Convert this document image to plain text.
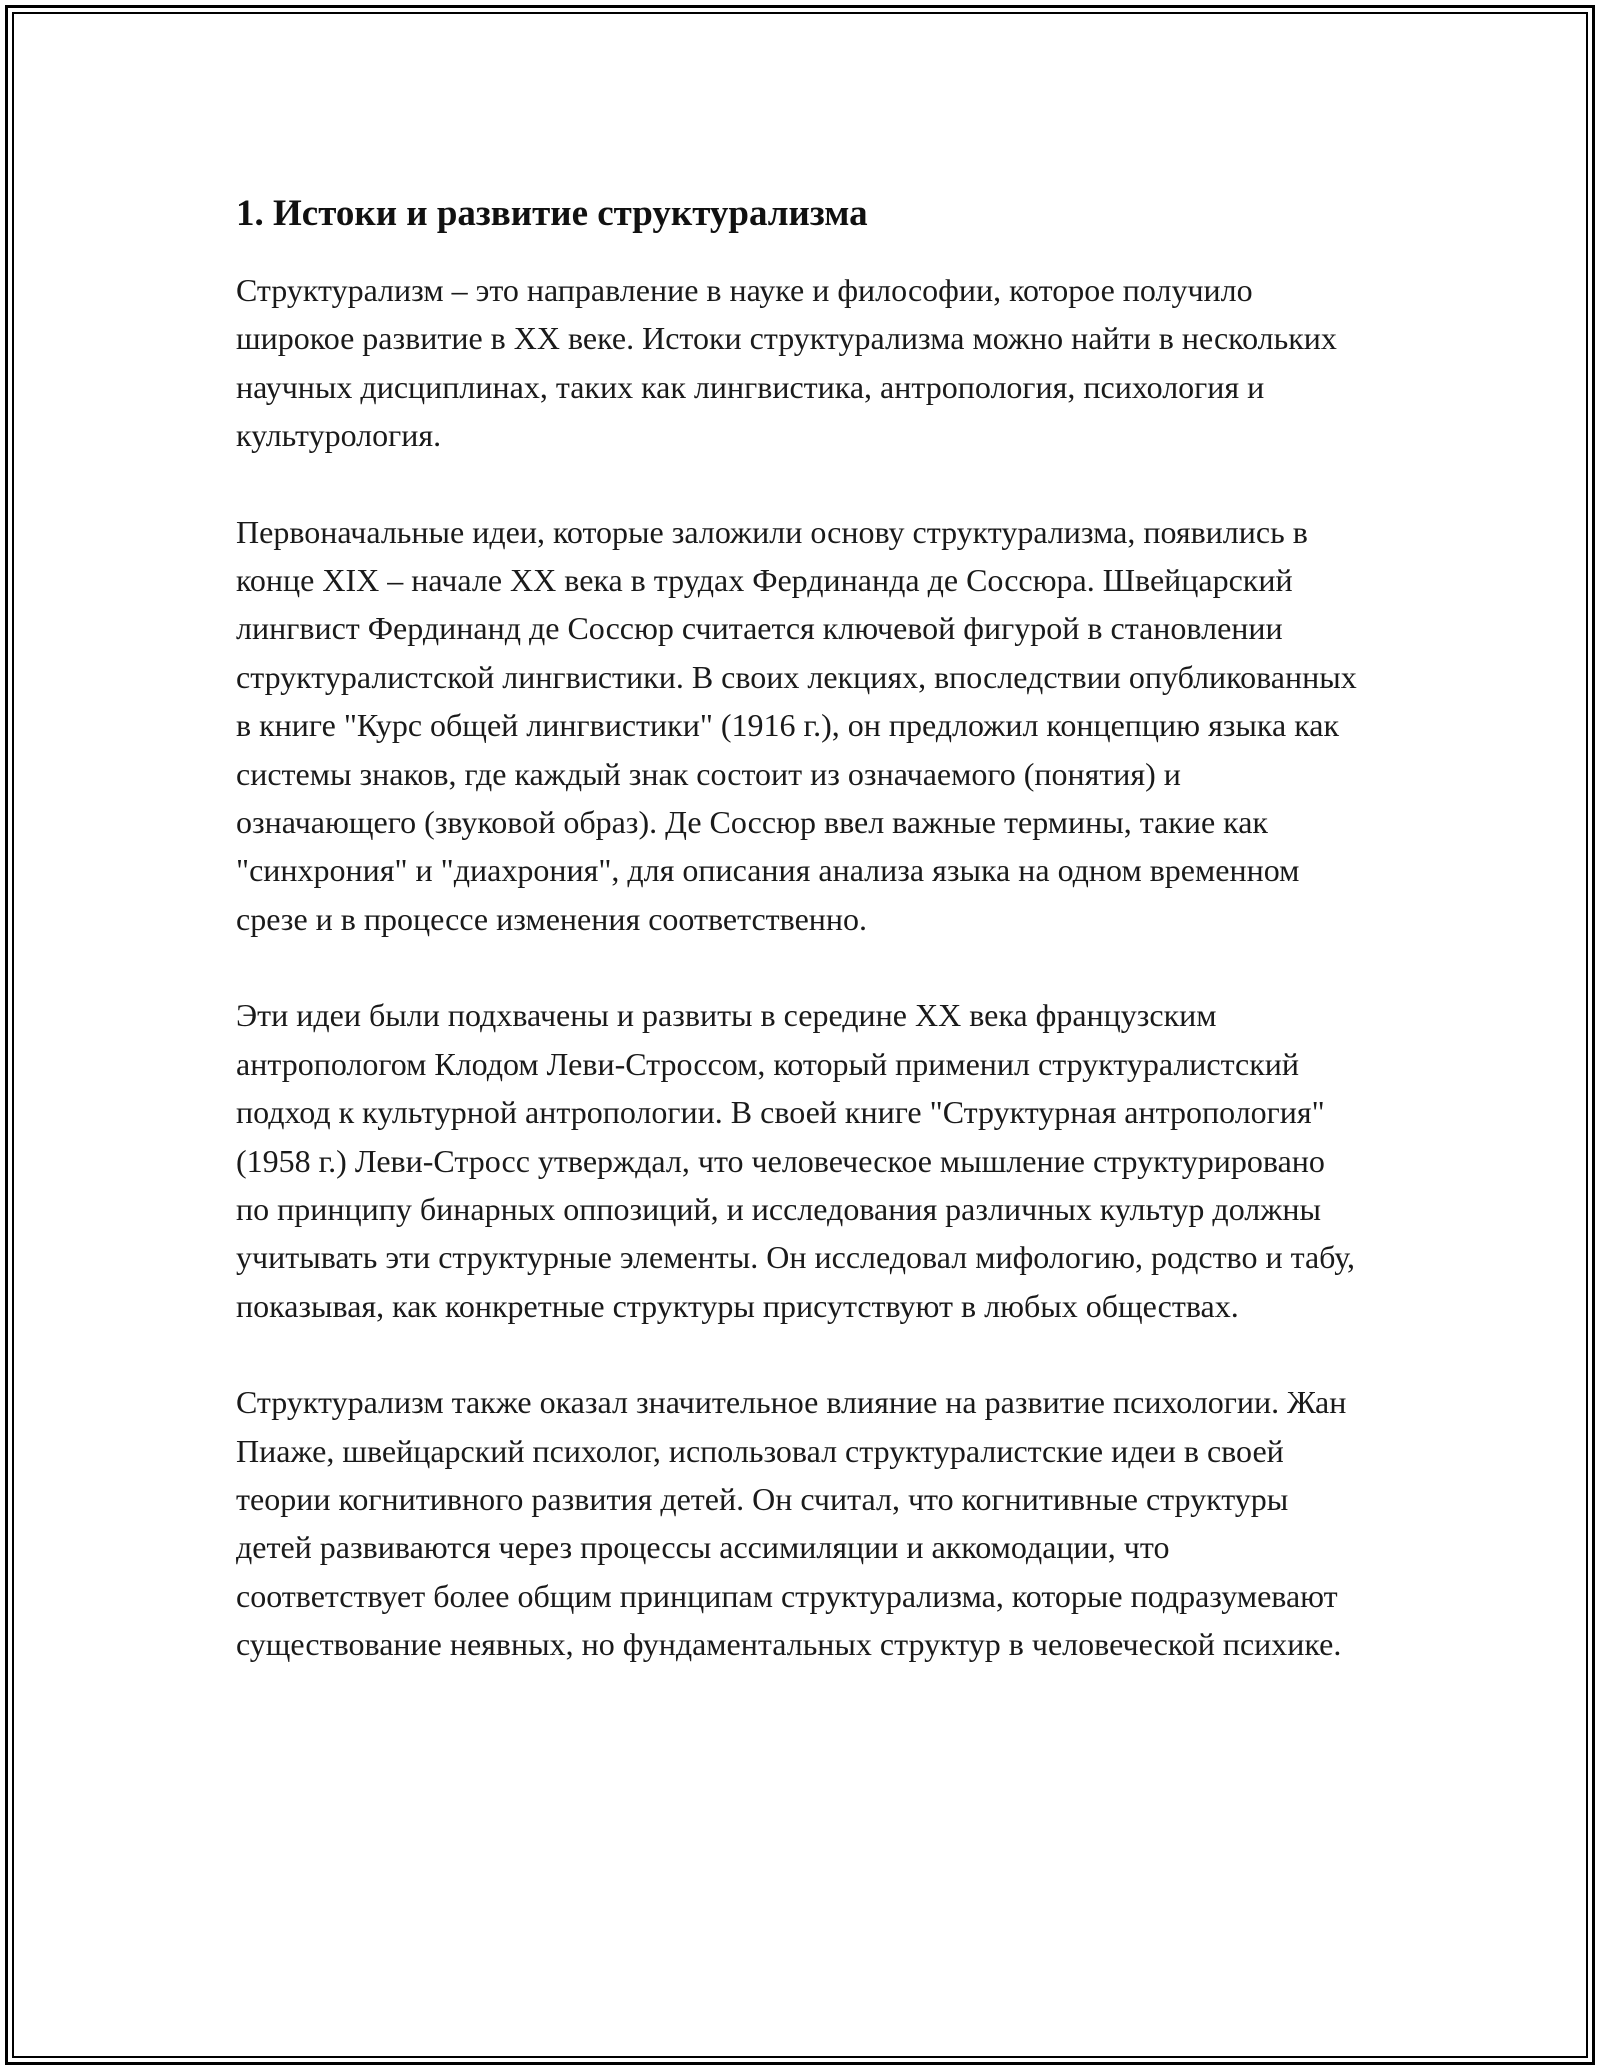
1. Истоки и развитие структурализма

Структурализм – это направление в науке и философии, которое получило широкое развитие в XX веке. Истоки структурализма можно найти в нескольких научных дисциплинах, таких как лингвистика, антропология, психология и культурология.

Первоначальные идеи, которые заложили основу структурализма, появились в конце XIX – начале XX века в трудах Фердинанда де Соссюра. Швейцарский лингвист Фердинанд де Соссюр считается ключевой фигурой в становлении структуралистской лингвистики. В своих лекциях, впоследствии опубликованных в книге "Курс общей лингвистики" (1916 г.), он предложил концепцию языка как системы знаков, где каждый знак состоит из означаемого (понятия) и означающего (звуковой образ). Де Соссюр ввел важные термины, такие как "синхрония" и "диахрония", для описания анализа языка на одном временном срезе и в процессе изменения соответственно.

Эти идеи были подхвачены и развиты в середине XX века французским антропологом Клодом Леви-Строссом, который применил структуралистский подход к культурной антропологии. В своей книге "Структурная антропология" (1958 г.) Леви-Стросс утверждал, что человеческое мышление структурировано по принципу бинарных оппозиций, и исследования различных культур должны учитывать эти структурные элементы. Он исследовал мифологию, родство и табу, показывая, как конкретные структуры присутствуют в любых обществах.

Структурализм также оказал значительное влияние на развитие психологии. Жан Пиаже, швейцарский психолог, использовал структуралистские идеи в своей теории когнитивного развития детей. Он считал, что когнитивные структуры детей развиваются через процессы ассимиляции и аккомодации, что соответствует более общим принципам структурализма, которые подразумевают существование неявных, но фундаментальных структур в человеческой психике.
